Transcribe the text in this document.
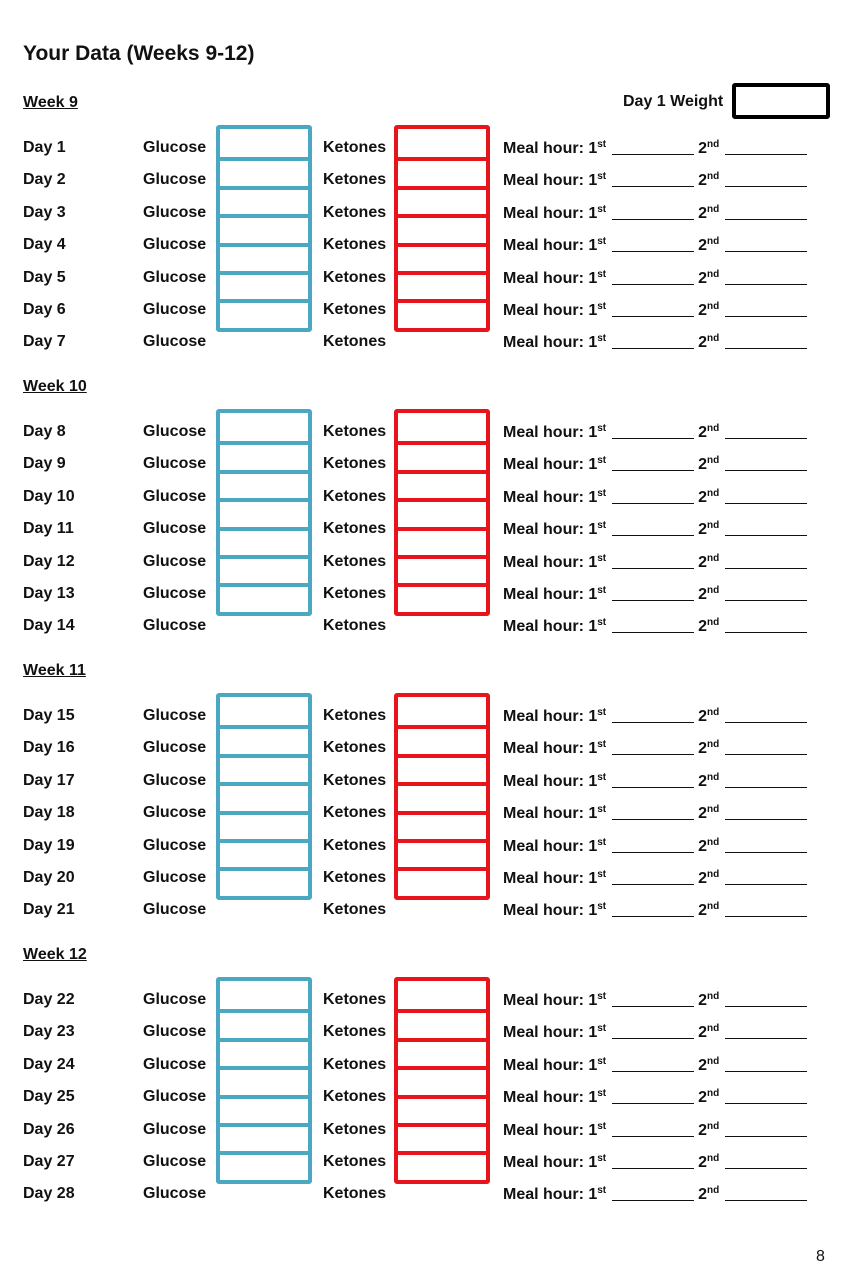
Your Data (Weeks 9-12)
Day 1 Weight
Week 9
Day 1	Glucose	Ketones	Meal hour: 1st	2nd
Day 2	Glucose	Ketones	Meal hour: 1st	2nd
Day 3	Glucose	Ketones	Meal hour: 1st	2nd
Day 4	Glucose	Ketones	Meal hour: 1st	2nd
Day 5	Glucose	Ketones	Meal hour: 1st	2nd
Day 6	Glucose	Ketones	Meal hour: 1st	2nd
Day 7	Glucose	Ketones	Meal hour: 1st	2nd
Week 10
Day 8	Glucose	Ketones	Meal hour: 1st	2nd
Day 9	Glucose	Ketones	Meal hour: 1st	2nd
Day 10	Glucose	Ketones	Meal hour: 1st	2nd
Day 11	Glucose	Ketones	Meal hour: 1st	2nd
Day 12	Glucose	Ketones	Meal hour: 1st	2nd
Day 13	Glucose	Ketones	Meal hour: 1st	2nd
Day 14	Glucose	Ketones	Meal hour: 1st	2nd
Week 11
Day 15	Glucose	Ketones	Meal hour: 1st	2nd
Day 16	Glucose	Ketones	Meal hour: 1st	2nd
Day 17	Glucose	Ketones	Meal hour: 1st	2nd
Day 18	Glucose	Ketones	Meal hour: 1st	2nd
Day 19	Glucose	Ketones	Meal hour: 1st	2nd
Day 20	Glucose	Ketones	Meal hour: 1st	2nd
Day 21	Glucose	Ketones	Meal hour: 1st	2nd
Week 12
Day 22	Glucose	Ketones	Meal hour: 1st	2nd
Day 23	Glucose	Ketones	Meal hour: 1st	2nd
Day 24	Glucose	Ketones	Meal hour: 1st	2nd
Day 25	Glucose	Ketones	Meal hour: 1st	2nd
Day 26	Glucose	Ketones	Meal hour: 1st	2nd
Day 27	Glucose	Ketones	Meal hour: 1st	2nd
Day 28	Glucose	Ketones	Meal hour: 1st	2nd
8
